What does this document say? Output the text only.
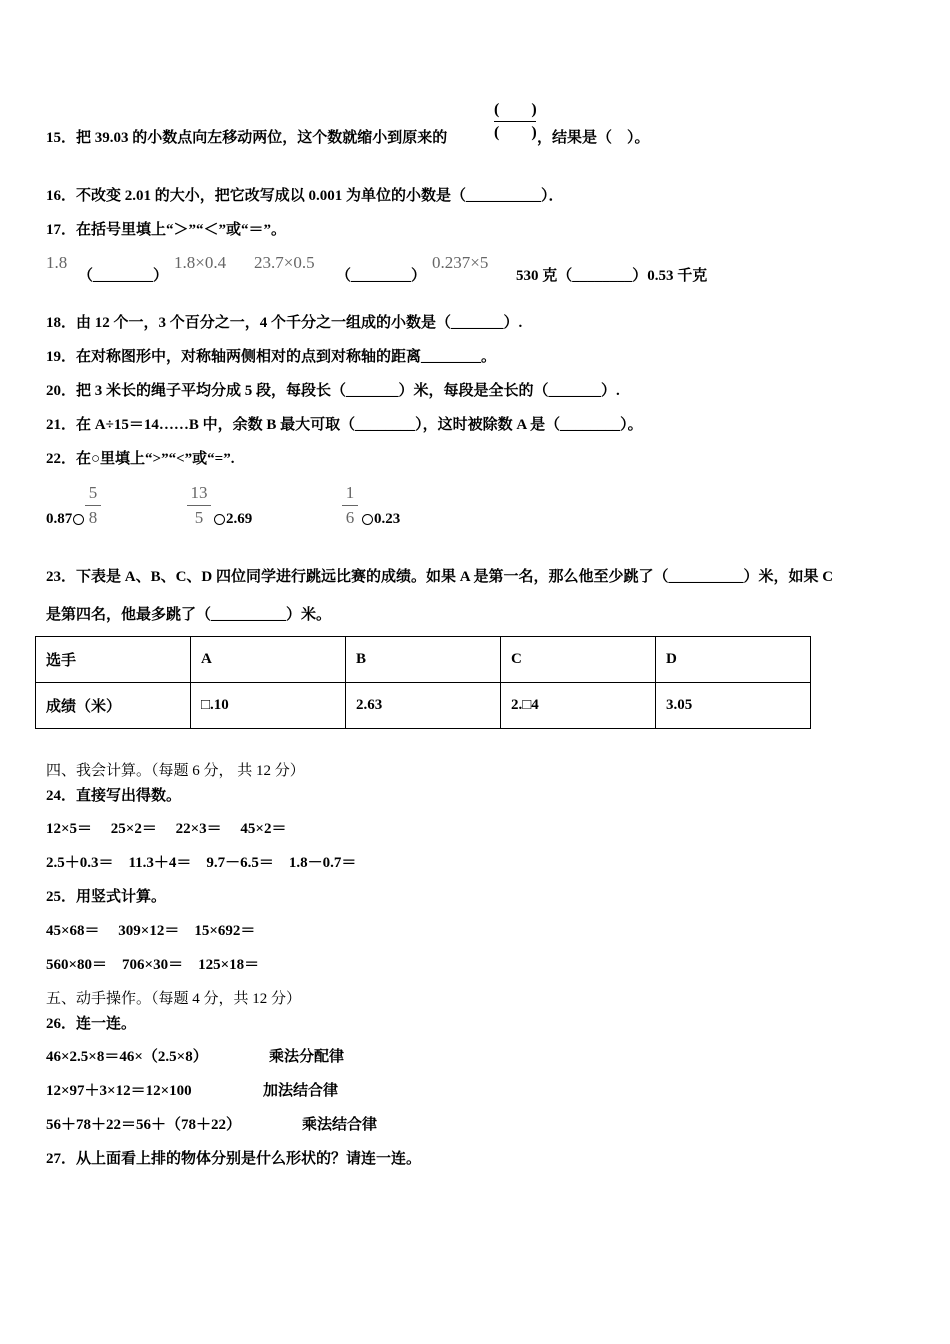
15．把 39.03 的小数点向左移动两位，这个数就缩小到原来的
(　　)
(　　) ，结果是（　）。
16．不改变 2.01 的大小，把它改写成以 0.001 为单位的小数是（__________）．
17．在括号里填上“＞”“＜”或“＝”。
1.8
（________）
1.8×0.4 23.7×0.5
（________）
0.237×5
530 克（________）0.53 千克
18．由 12 个一，3 个百分之一，4 个千分之一组成的小数是（_______）.
19．在对称图形中，对称轴两侧相对的点到对称轴的距离________。
20．把 3 米长的绳子平均分成 5 段，每段长（_______）米，每段是全长的（_______）.
21．在 A÷15＝14……B 中，余数 B 最大可取（________），这时被除数 A 是（________）。
22．在○里填上“>”“<”或“=”.
0.87
5
8
13
5	2.69
1
6	0.23
23．下表是 A、B、C、D 四位同学进行跳远比赛的成绩。如果 A 是第一名，那么他至少跳了（__________）米，如果 C
是第四名，他最多跳了（__________）米。
选手	A	B	C	D
成绩（米）	□.10	2.63	2.□4	3.05
四、我会计算。（每题 6 分， 共 12 分）
24．直接写出得数。
12×5＝　 25×2＝　 22×3＝　 45×2＝
2.5＋0.3＝　11.3＋4＝　9.7－6.5＝　1.8－0.7＝
25．用竖式计算。
45×68＝　 309×12＝　15×692＝
560×80＝　706×30＝　125×18＝
五、动手操作。（每题 4 分，共 12 分）
26．连一连。
46×2.5×8＝46×（2.5×8）	乘法分配律
12×97＋3×12＝12×100	加法结合律
56＋78＋22＝56＋（78＋22）	乘法结合律
27．从上面看上排的物体分别是什么形状的？请连一连。
